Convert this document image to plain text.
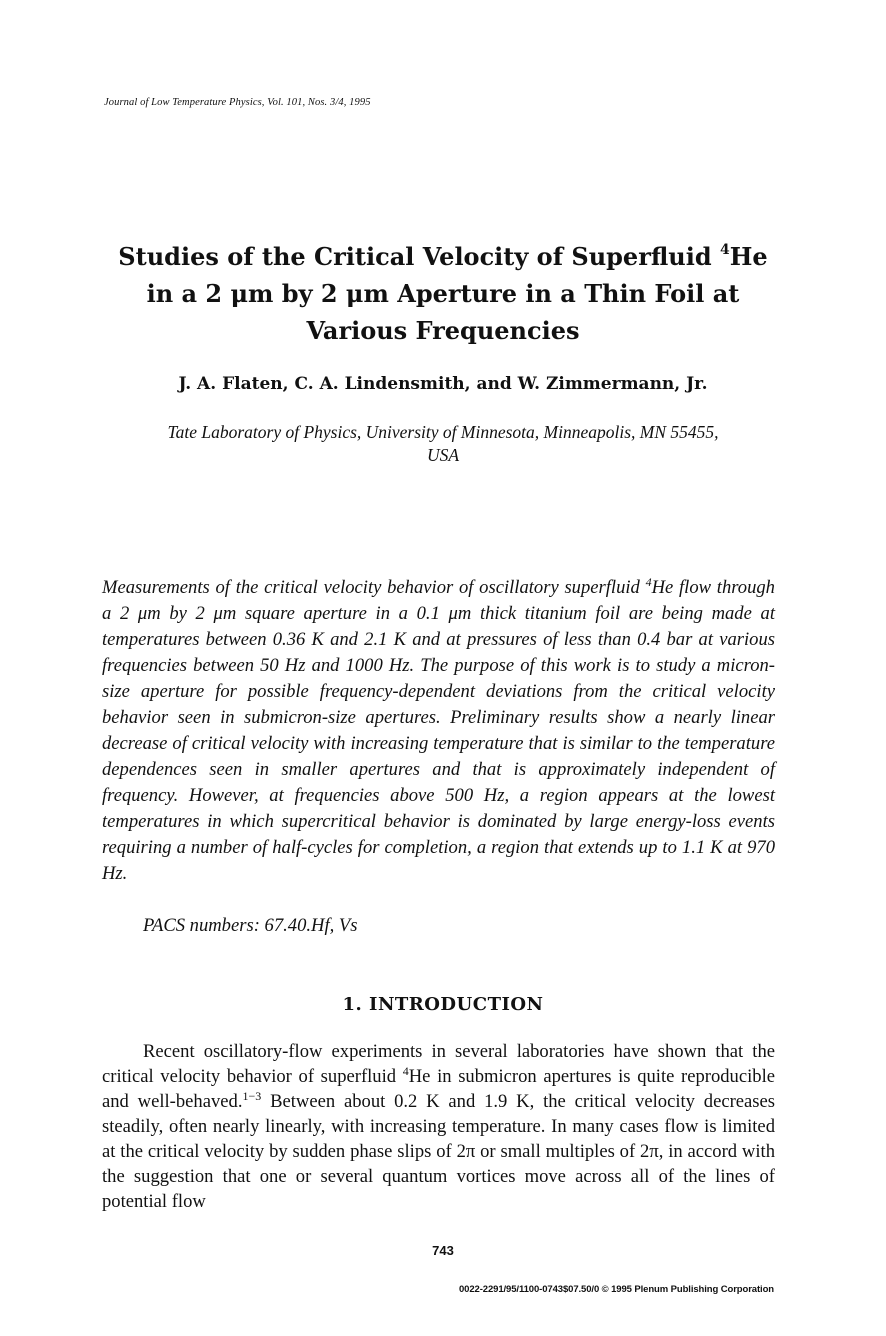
Journal of Low Temperature Physics, Vol. 101, Nos. 3/4, 1995
Studies of the Critical Velocity of Superfluid $^4$He
in a 2 μm by 2 μm Aperture in a Thin Foil at
Various Frequencies
J. A. Flaten, C. A. Lindensmith, and W. Zimmermann, Jr.
Tate Laboratory of Physics, University of Minnesota, Minneapolis, MN 55455,
USA
Measurements of the critical velocity behavior of oscillatory superfluid $^4$He flow through a 2 μm by 2 μm square aperture in a 0.1 μm thick titanium foil are being made at temperatures between 0.36 K and 2.1 K and at pressures of less than 0.4 bar at various frequencies between 50 Hz and 1000 Hz. The purpose of this work is to study a micron-size aperture for possible frequency-dependent deviations from the critical velocity behavior seen in submicron-size apertures. Preliminary results show a nearly linear decrease of critical velocity with increasing temperature that is similar to the temperature dependences seen in smaller apertures and that is approximately independent of frequency. However, at frequencies above 500 Hz, a region appears at the lowest temperatures in which supercritical behavior is dominated by large energy-loss events requiring a number of half-cycles for completion, a region that extends up to 1.1 K at 970 Hz.
PACS numbers: 67.40.Hf, Vs
1. INTRODUCTION

Recent oscillatory-flow experiments in several laboratories have shown that the critical velocity behavior of superfluid $^4$He in submicron apertures is quite reproducible and well-behaved.$^{1-3}$ Between about 0.2 K and 1.9 K, the critical velocity decreases steadily, often nearly linearly, with increasing temperature. In many cases flow is limited at the critical velocity by sudden phase slips of 2π or small multiples of 2π, in accord with the suggestion that one or several quantum vortices move across all of the lines of potential flow

743
0022-2291/95/1100-0743$07.50/0 © 1995 Plenum Publishing Corporation
